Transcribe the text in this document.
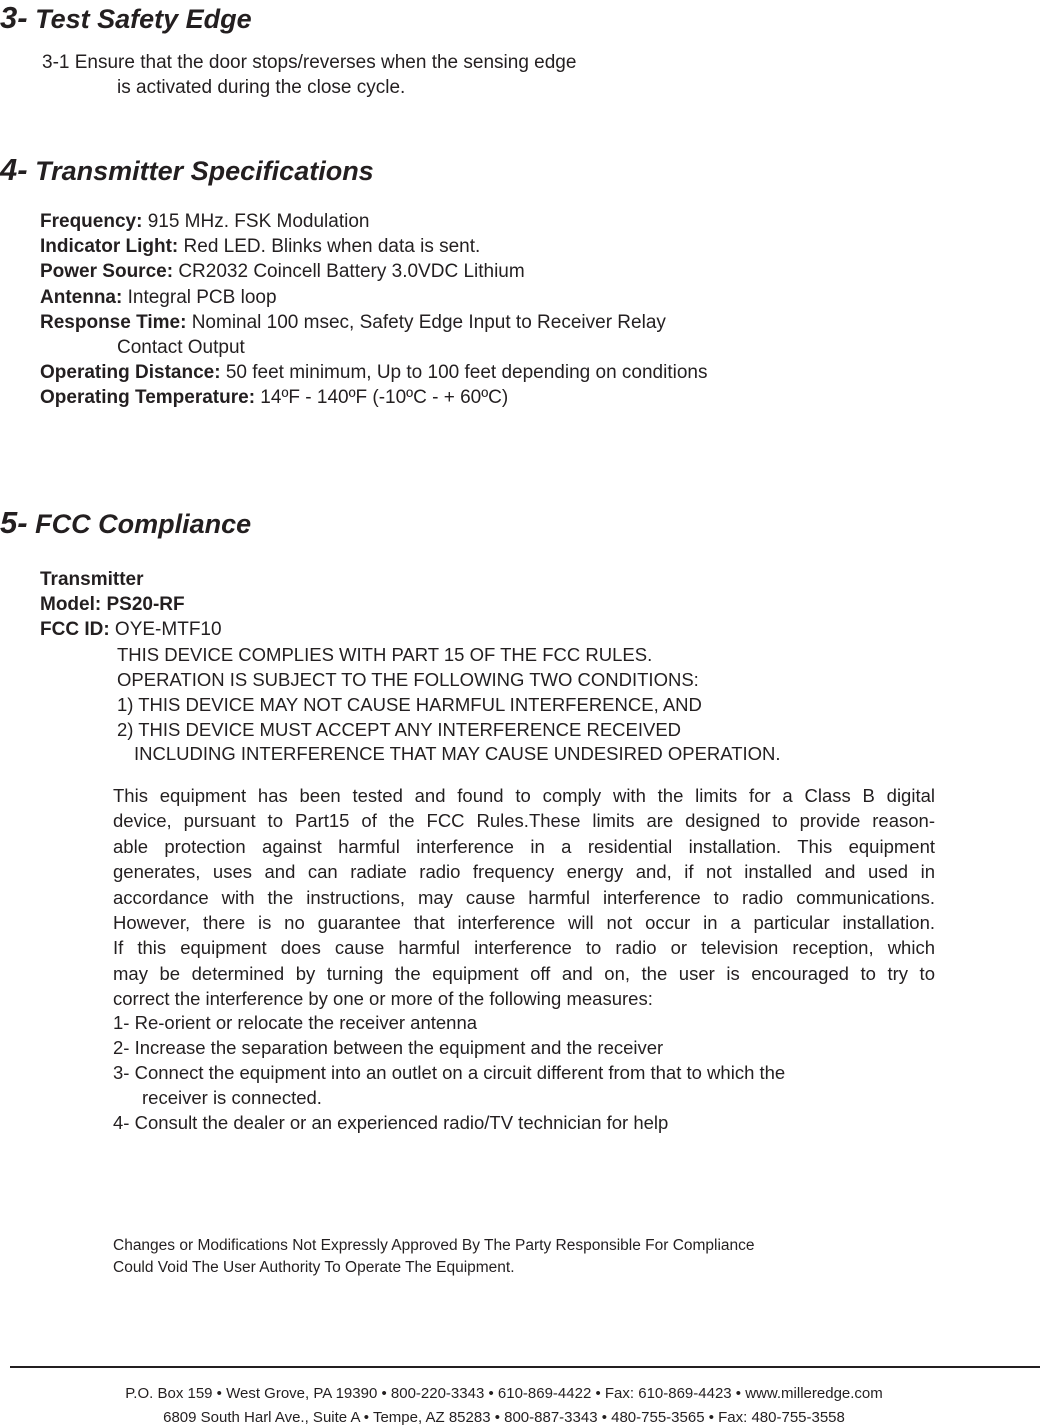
3- Test Safety Edge
3-1 Ensure that the door stops/reverses when the sensing edge
is activated during the close cycle.
4- Transmitter Specifications
Frequency: 915 MHz. FSK Modulation
Indicator Light: Red LED. Blinks when data is sent.
Power Source: CR2032 Coincell Battery 3.0VDC Lithium
Antenna: Integral PCB loop
Response Time: Nominal 100 msec, Safety Edge Input to Receiver Relay
Contact Output
Operating Distance: 50 feet minimum, Up to 100 feet depending on conditions
Operating Temperature: 14ºF - 140ºF (-10ºC - + 60ºC)
5- FCC Compliance
Transmitter
Model: PS20-RF
FCC ID: OYE-MTF10
THIS DEVICE COMPLIES WITH PART 15 OF THE FCC RULES.
OPERATION IS SUBJECT TO THE FOLLOWING TWO CONDITIONS:
1) THIS DEVICE MAY NOT CAUSE HARMFUL INTERFERENCE, AND
2) THIS DEVICE MUST ACCEPT ANY INTERFERENCE RECEIVED
INCLUDING INTERFERENCE THAT MAY CAUSE UNDESIRED OPERATION.
This equipment has been tested and found to comply with the limits for a Class B digital
device, pursuant to Part15 of the FCC Rules.These limits are designed to provide reason-
able protection against harmful interference in a residential installation. This equipment
generates, uses and can radiate radio frequency energy and, if not installed and used in
accordance with the instructions, may cause harmful interference to radio communications.
However, there is no guarantee that interference will not occur in a particular installation.
If this equipment does cause harmful interference to radio or television reception, which
may be determined by turning the equipment off and on, the user is encouraged to try to
correct the interference by one or more of the following measures:
1- Re-orient or relocate the receiver antenna
2- Increase the separation between the equipment and the receiver
3- Connect the equipment into an outlet on a circuit different from that to which the
receiver is connected.
4- Consult the dealer or an experienced radio/TV technician for help
Changes or Modifications Not Expressly Approved By The Party Responsible For Compliance
Could Void The User Authority To Operate The Equipment.
P.O. Box 159 • West Grove, PA 19390 • 800-220-3343 • 610-869-4422 • Fax: 610-869-4423 • www.milleredge.com
6809 South Harl Ave., Suite A • Tempe, AZ 85283 • 800-887-3343 • 480-755-3565 • Fax: 480-755-3558
